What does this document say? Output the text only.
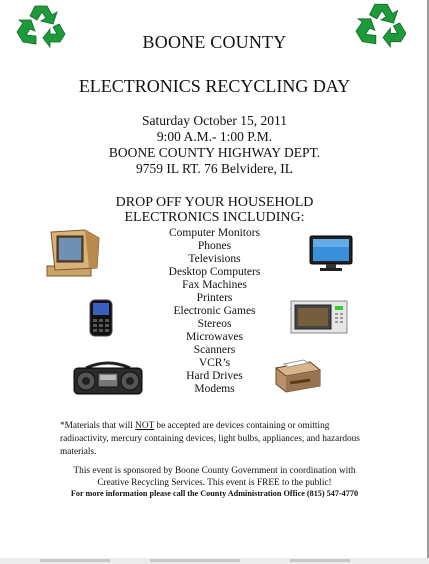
BOONE COUNTY
ELECTRONICS RECYCLING DAY
Saturday October 15, 2011
9:00 A.M.- 1:00 P.M.
BOONE COUNTY HIGHWAY DEPT.
9759 IL RT. 76 Belvidere, IL
DROP OFF YOUR HOUSEHOLD
ELECTRONICS INCLUDING:
Computer Monitors
Phones
Televisions
Desktop Computers
Fax Machines
Printers
Electronic Games
Stereos
Microwaves
Scanners
VCR’s
Hard Drives
Modems
*Materials that will NOT be accepted are devices containing or omitting radioactivity, mercury containing devices, light bulbs, appliances, and hazardous materials.
This event is sponsored by Boone County Government in coordination with
Creative Recycling Services. This event is FREE to the public!
For more information please call the County Administration Office (815) 547-4770
